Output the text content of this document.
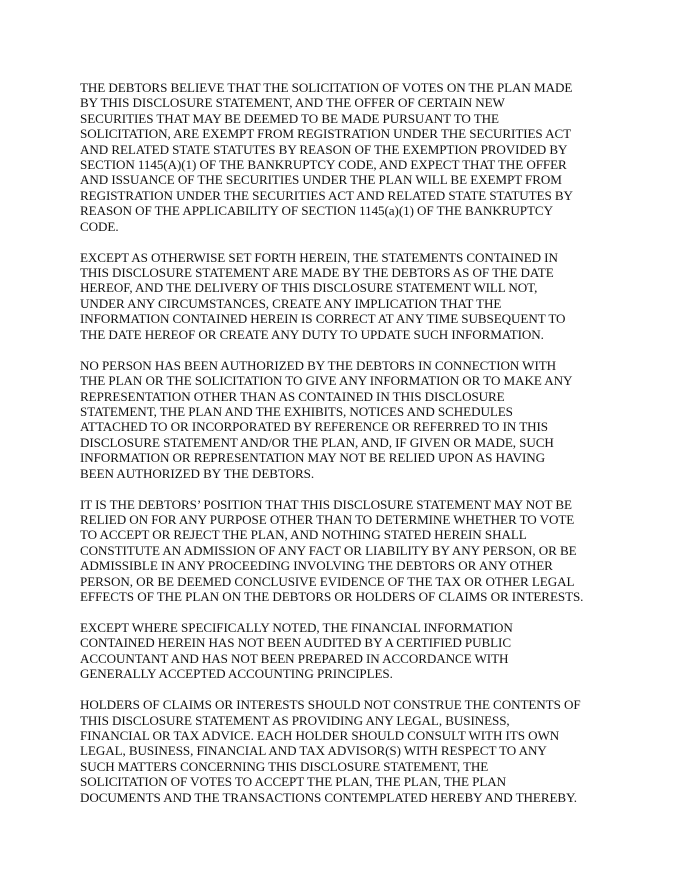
THE DEBTORS BELIEVE THAT THE SOLICITATION OF VOTES ON THE PLAN MADE
BY THIS DISCLOSURE STATEMENT, AND THE OFFER OF CERTAIN NEW
SECURITIES THAT MAY BE DEEMED TO BE MADE PURSUANT TO THE
SOLICITATION, ARE EXEMPT FROM REGISTRATION UNDER THE SECURITIES ACT
AND RELATED STATE STATUTES BY REASON OF THE EXEMPTION PROVIDED BY
SECTION 1145(A)(1) OF THE BANKRUPTCY CODE, AND EXPECT THAT THE OFFER
AND ISSUANCE OF THE SECURITIES UNDER THE PLAN WILL BE EXEMPT FROM
REGISTRATION UNDER THE SECURITIES ACT AND RELATED STATE STATUTES BY
REASON OF THE APPLICABILITY OF SECTION 1145(a)(1) OF THE BANKRUPTCY
CODE.

EXCEPT AS OTHERWISE SET FORTH HEREIN, THE STATEMENTS CONTAINED IN
THIS DISCLOSURE STATEMENT ARE MADE BY THE DEBTORS AS OF THE DATE
HEREOF, AND THE DELIVERY OF THIS DISCLOSURE STATEMENT WILL NOT,
UNDER ANY CIRCUMSTANCES, CREATE ANY IMPLICATION THAT THE
INFORMATION CONTAINED HEREIN IS CORRECT AT ANY TIME SUBSEQUENT TO
THE DATE HEREOF OR CREATE ANY DUTY TO UPDATE SUCH INFORMATION.

NO PERSON HAS BEEN AUTHORIZED BY THE DEBTORS IN CONNECTION WITH
THE PLAN OR THE SOLICITATION TO GIVE ANY INFORMATION OR TO MAKE ANY
REPRESENTATION OTHER THAN AS CONTAINED IN THIS DISCLOSURE
STATEMENT, THE PLAN AND THE EXHIBITS, NOTICES AND SCHEDULES
ATTACHED TO OR INCORPORATED BY REFERENCE OR REFERRED TO IN THIS
DISCLOSURE STATEMENT AND/OR THE PLAN, AND, IF GIVEN OR MADE, SUCH
INFORMATION OR REPRESENTATION MAY NOT BE RELIED UPON AS HAVING
BEEN AUTHORIZED BY THE DEBTORS.

IT IS THE DEBTORS’ POSITION THAT THIS DISCLOSURE STATEMENT MAY NOT BE
RELIED ON FOR ANY PURPOSE OTHER THAN TO DETERMINE WHETHER TO VOTE
TO ACCEPT OR REJECT THE PLAN, AND NOTHING STATED HEREIN SHALL
CONSTITUTE AN ADMISSION OF ANY FACT OR LIABILITY BY ANY PERSON, OR BE
ADMISSIBLE IN ANY PROCEEDING INVOLVING THE DEBTORS OR ANY OTHER
PERSON, OR BE DEEMED CONCLUSIVE EVIDENCE OF THE TAX OR OTHER LEGAL
EFFECTS OF THE PLAN ON THE DEBTORS OR HOLDERS OF CLAIMS OR INTERESTS.

EXCEPT WHERE SPECIFICALLY NOTED, THE FINANCIAL INFORMATION
CONTAINED HEREIN HAS NOT BEEN AUDITED BY A CERTIFIED PUBLIC
ACCOUNTANT AND HAS NOT BEEN PREPARED IN ACCORDANCE WITH
GENERALLY ACCEPTED ACCOUNTING PRINCIPLES.

HOLDERS OF CLAIMS OR INTERESTS SHOULD NOT CONSTRUE THE CONTENTS OF
THIS DISCLOSURE STATEMENT AS PROVIDING ANY LEGAL, BUSINESS,
FINANCIAL OR TAX ADVICE. EACH HOLDER SHOULD CONSULT WITH ITS OWN
LEGAL, BUSINESS, FINANCIAL AND TAX ADVISOR(S) WITH RESPECT TO ANY
SUCH MATTERS CONCERNING THIS DISCLOSURE STATEMENT, THE
SOLICITATION OF VOTES TO ACCEPT THE PLAN, THE PLAN, THE PLAN
DOCUMENTS AND THE TRANSACTIONS CONTEMPLATED HEREBY AND THEREBY.
